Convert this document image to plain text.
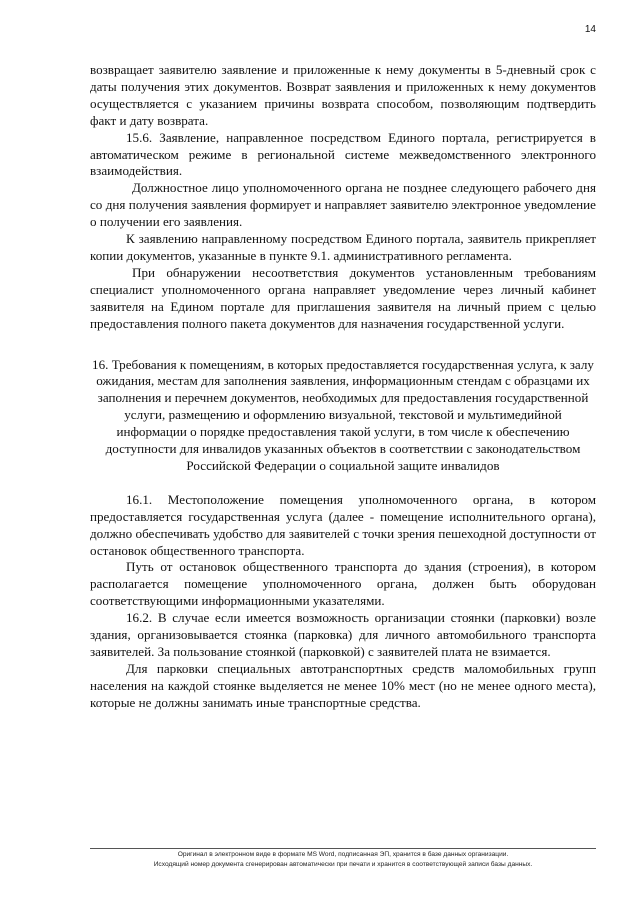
14

возвращает заявителю заявление и приложенные к нему документы в 5-дневный срок с даты получения этих документов. Возврат заявления и приложенных к нему документов осуществляется с указанием причины возврата способом, позволяющим подтвердить факт и дату возврата.

15.6. Заявление, направленное посредством Единого портала, регистрируется в автоматическом режиме в региональной системе межведомственного электронного взаимодействия.

Должностное лицо уполномоченного органа не позднее следующего рабочего дня со дня получения заявления формирует и направляет заявителю электронное уведомление о получении его заявления.

К заявлению направленному посредством Единого портала, заявитель прикрепляет копии документов, указанные в пункте 9.1. административного регламента.

При обнаружении несоответствия документов установленным требованиям специалист уполномоченного органа направляет уведомление через личный кабинет заявителя на Едином портале для приглашения заявителя на личный прием с целью предоставления полного пакета документов для назначения государственной услуги.

16. Требования к помещениям, в которых предоставляется государственная услуга, к залу ожидания, местам для заполнения заявления, информационным стендам с образцами их заполнения и перечнем документов, необходимых для предоставления государственной услуги, размещению и оформлению визуальной, текстовой и мультимедийной информации о порядке предоставления такой услуги, в том числе к обеспечению доступности для инвалидов указанных объектов в соответствии с законодательством Российской Федерации о социальной защите инвалидов

16.1. Местоположение помещения уполномоченного органа, в котором предоставляется государственная услуга (далее - помещение исполнительного органа), должно обеспечивать удобство для заявителей с точки зрения пешеходной доступности от остановок общественного транспорта.

Путь от остановок общественного транспорта до здания (строения), в котором располагается помещение уполномоченного органа, должен быть оборудован соответствующими информационными указателями.

16.2. В случае если имеется возможность организации стоянки (парковки) возле здания, организовывается стоянка (парковка) для личного автомобильного транспорта заявителей. За пользование стоянкой (парковкой) с заявителей плата не взимается.

Для парковки специальных автотранспортных средств маломобильных групп населения на каждой стоянке выделяется не менее 10% мест (но не менее одного места), которые не должны занимать иные транспортные средства.

Оригинал в электронном виде в формате MS Word, подписанная ЭП, хранится в базе данных организации.
Исходящий номер документа сгенерирован автоматически при печати и хранится в соответствующей записи базы данных.
